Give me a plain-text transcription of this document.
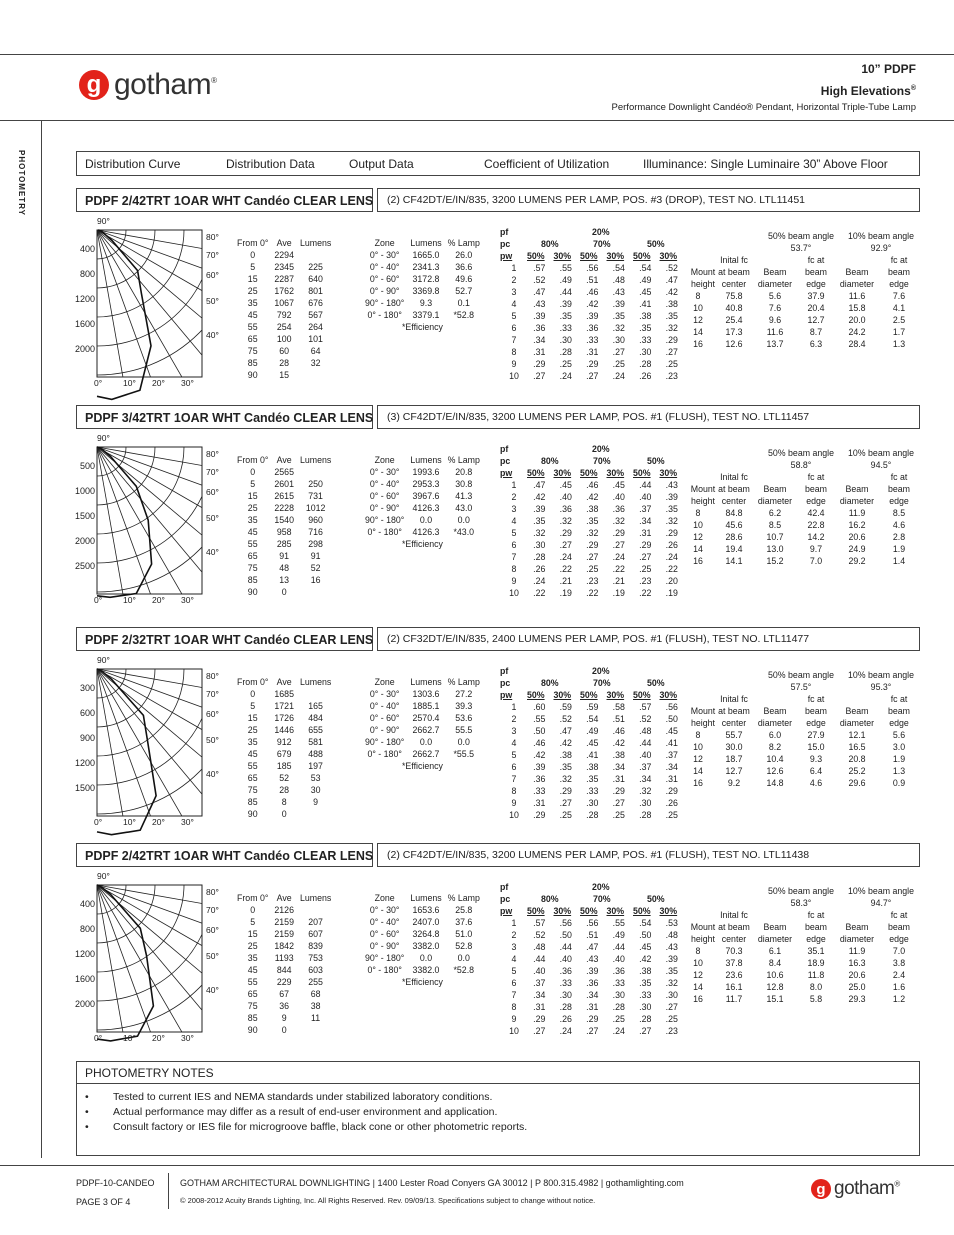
g gotham®
10” PDPF
High Elevations®
Performance Downlight Candéo® Pendant, Horizontal Triple-Tube Lamp
PHOTOMETRY	Distribution Curve	Distribution Data	Output Data	Coefficient of Utilization	Illuminance: Single Luminaire 30” Above Floor
PDPF 2/42TRT 1OAR WHT Candéo CLEAR LENS	(2) CF42DT/E/IN/835, 3200 LUMENS PER LAMP, POS. #3 (DROP), TEST NO. LTL11451
400
800
1200
1600
2000
90°
80°
70°
60°
50°
40°
0° 10° 20° 30°
From 0°	Ave	Lumens
0	2294	
5	2345	225
15	2287	640
25	1762	801
35	1067	676
45	792	567
55	254	264
65	100	101
75	60	64
85	28	32
90	15	
Zone	Lumens	% Lamp
0° - 30°	1665.0	26.0
0° - 40°	2341.3	36.6
0° - 60°	3172.8	49.6
0° - 90°	3369.8	52.7
90° - 180°	9.3	0.1
0° - 180°	3379.1	*52.8
*Efficiency
pf	20%
pc	80%	70%	50%
pw 50% 30% 50% 30% 50% 30%
1	.57	.55	.56	.54	.54	.52
2	.52	.49	.51	.48	.49	.47
3	.47	.44	.46	.43	.45	.42
4	.43	.39	.42	.39	.41	.38
5	.39	.35	.39	.35	.38	.35
6	.36	.33	.36	.32	.35	.32
7	.34	.30	.33	.30	.33	.29
8	.31	.28	.31	.27	.30	.27
9	.29	.25	.29	.25	.28	.25
10	.27	.24	.27	.24	.26	.23
50% beam angle
53.7°
10% beam angle
92.9°
Inital fc	fc at	fc at
Mount at beam	Beam	beam	Beam	beam
height center	diameter	edge	diameter	edge
8	75.8	5.6	37.9	11.6	7.6
10	40.8	7.6	20.4	15.8	4.1
12	25.4	9.6	12.7	20.0	2.5
14	17.3	11.6	8.7	24.2	1.7
16	12.6	13.7	6.3	28.4	1.3
PDPF 3/42TRT 1OAR WHT Candéo CLEAR LENS	(3) CF42DT/E/IN/835, 3200 LUMENS PER LAMP, POS. #1 (FLUSH), TEST NO. LTL11457
500
1000
1500
2000
2500
90°
80°
70°
60°
50°
40°
0° 10° 20° 30°
From 0°	Ave	Lumens
0	2565	
5	2601	250
15	2615	731
25	2228	1012
35	1540	960
45	958	716
55	285	298
65	91	91
75	48	52
85	13	16
90	0	
Zone	Lumens	% Lamp
0° - 30°	1993.6	20.8
0° - 40°	2953.3	30.8
0° - 60°	3967.6	41.3
0° - 90°	4126.3	43.0
90° - 180°	0.0	0.0
0° - 180°	4126.3	*43.0
*Efficiency
pf	20%
pc	80%	70%	50%
pw 50% 30% 50% 30% 50% 30%
1	.47	.45	.46	.45	.44	.43
2	.42	.40	.42	.40	.40	.39
3	.39	.36	.38	.36	.37	.35
4	.35	.32	.35	.32	.34	.32
5	.32	.29	.32	.29	.31	.29
6	.30	.27	.29	.27	.29	.26
7	.28	.24	.27	.24	.27	.24
8	.26	.22	.25	.22	.25	.22
9	.24	.21	.23	.21	.23	.20
10	.22	.19	.22	.19	.22	.19
50% beam angle
58.8°
10% beam angle
94.5°
Inital fc	fc at	fc at
Mount at beam	Beam	beam	Beam	beam
height center	diameter	edge	diameter	edge
8	84.8	6.2	42.4	11.9	8.5
10	45.6	8.5	22.8	16.2	4.6
12	28.6	10.7	14.2	20.6	2.8
14	19.4	13.0	9.7	24.9	1.9
16	14.1	15.2	7.0	29.2	1.4
PDPF 2/32TRT 1OAR WHT Candéo CLEAR LENS	(2) CF32DT/E/IN/835, 2400 LUMENS PER LAMP, POS. #1 (FLUSH), TEST NO. LTL11477
300
600
900
1200
1500
90°
80°
70°
60°
50°
40°
0° 10° 20° 30°
From 0°	Ave	Lumens
0	1685	
5	1721	165
15	1726	484
25	1446	655
35	912	581
45	679	488
55	185	197
65	52	53
75	28	30
85	8	9
90	0	
Zone	Lumens	% Lamp
0° - 30°	1303.6	27.2
0° - 40°	1885.1	39.3
0° - 60°	2570.4	53.6
0° - 90°	2662.7	55.5
90° - 180°	0.0	0.0
0° - 180°	2662.7	*55.5
*Efficiency
pf	20%
pc	80%	70%	50%
pw 50% 30% 50% 30% 50% 30%
1	.60	.59	.59	.58	.57	.56
2	.55	.52	.54	.51	.52	.50
3	.50	.47	.49	.46	.48	.45
4	.46	.42	.45	.42	.44	.41
5	.42	.38	.41	.38	.40	.37
6	.39	.35	.38	.34	.37	.34
7	.36	.32	.35	.31	.34	.31
8	.33	.29	.33	.29	.32	.29
9	.31	.27	.30	.27	.30	.26
10	.29	.25	.28	.25	.28	.25
50% beam angle
57.5°
10% beam angle
95.3°
Inital fc	fc at	fc at
Mount at beam	Beam	beam	Beam	beam
height center	diameter	edge	diameter	edge
8	55.7	6.0	27.9	12.1	5.6
10	30.0	8.2	15.0	16.5	3.0
12	18.7	10.4	9.3	20.8	1.9
14	12.7	12.6	6.4	25.2	1.3
16	9.2	14.8	4.6	29.6	0.9
PDPF 2/42TRT 1OAR WHT Candéo CLEAR LENS	(2) CF42DT/E/IN/835, 3200 LUMENS PER LAMP, POS. #1 (FLUSH), TEST NO. LTL11438
400
800
1200
1600
2000
90°
80°
70°
60°
50°
40°
0° 10° 20° 30°
From 0°	Ave	Lumens
0	2126	
5	2159	207
15	2159	607
25	1842	839
35	1193	753
45	844	603
55	229	255
65	67	68
75	36	38
85	9	11
90	0	
Zone	Lumens	% Lamp
0° - 30°	1653.6	25.8
0° - 40°	2407.0	37.6
0° - 60°	3264.8	51.0
0° - 90°	3382.0	52.8
90° - 180°	0.0	0.0
0° - 180°	3382.0	*52.8
*Efficiency
pf	20%
pc	80%	70%	50%
pw 50% 30% 50% 30% 50% 30%
1	.57	.56	.56	.55	.54	.53
2	.52	.50	.51	.49	.50	.48
3	.48	.44	.47	.44	.45	.43
4	.44	.40	.43	.40	.42	.39
5	.40	.36	.39	.36	.38	.35
6	.37	.33	.36	.33	.35	.32
7	.34	.30	.34	.30	.33	.30
8	.31	.28	.31	.28	.30	.27
9	.29	.26	.29	.25	.28	.25
10	.27	.24	.27	.24	.27	.23
50% beam angle
58.3°
10% beam angle
94.7°
Inital fc	fc at	fc at
Mount at beam	Beam	beam	Beam	beam
height center	diameter	edge	diameter	edge
8	70.3	6.1	35.1	11.9	7.0
10	37.8	8.4	18.9	16.3	3.8
12	23.6	10.6	11.8	20.6	2.4
14	16.1	12.8	8.0	25.0	1.6
16	11.7	15.1	5.8	29.3	1.2
PHOTOMETRY NOTES
•	Tested to current IES and NEMA standards under stabilized laboratory conditions.
•	Actual performance may differ as a result of end-user environment and application.
•	Consult factory or IES file for microgroove baffle, black cone or other photometric reports.
PDPF-10-CANDEO
PAGE 3 OF 4
GOTHAM ARCHITECTURAL DOWNLIGHTING | 1400 Lester Road Conyers GA 30012 | P 800.315.4982 | gothamlighting.com
© 2008-2012 Acuity Brands Lighting, Inc. All Rights Reserved. Rev. 09/09/13. Specifications subject to change without notice.
g gotham®
